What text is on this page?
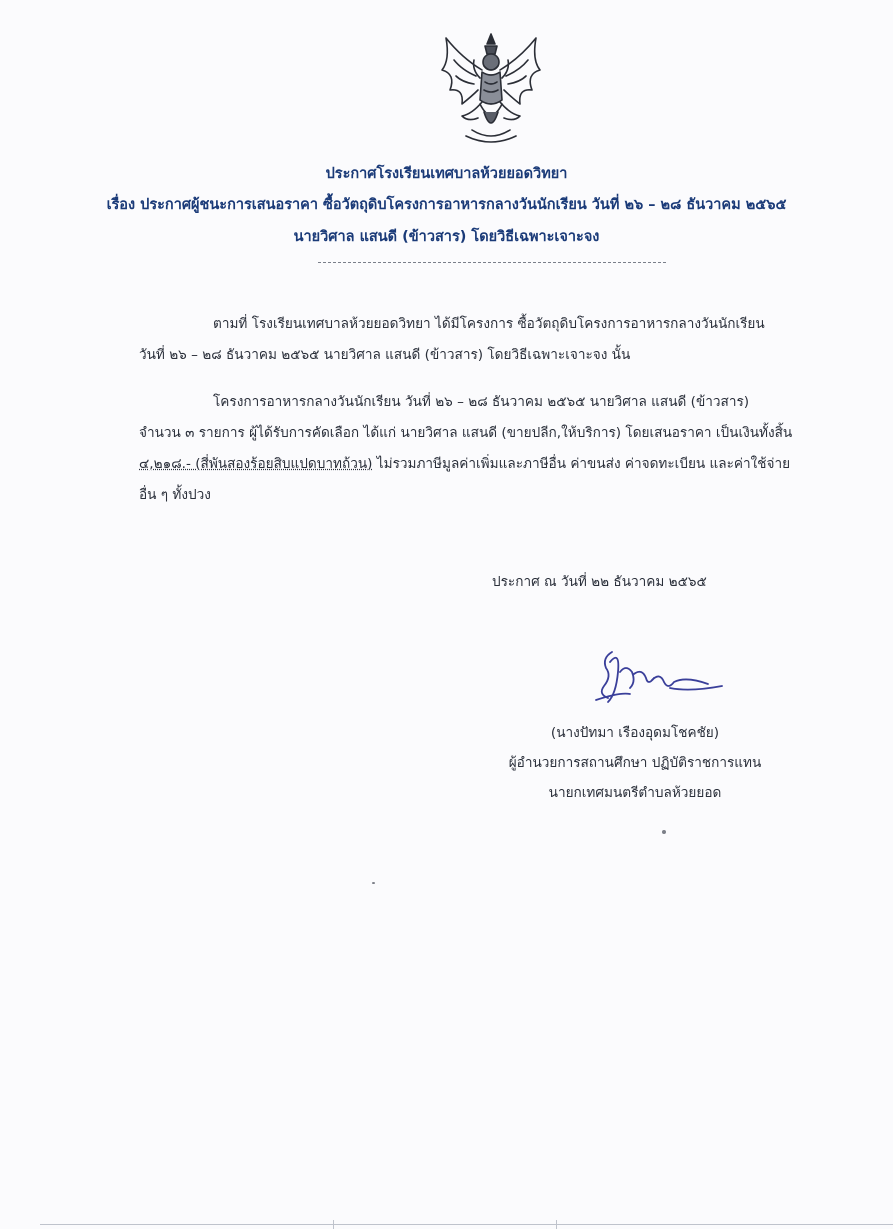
ประกาศโรงเรียนเทศบาลห้วยยอดวิทยา
เรื่อง ประกาศผู้ชนะการเสนอราคา ซื้อวัตถุดิบโครงการอาหารกลางวันนักเรียน วันที่ ๒๖ – ๒๘ ธันวาคม ๒๕๖๕
นายวิศาล แสนดี (ข้าวสาร) โดยวิธีเฉพาะเจาะจง
ตามที่ โรงเรียนเทศบาลห้วยยอดวิทยา ได้มีโครงการ ซื้อวัตถุดิบโครงการอาหารกลางวันนักเรียน
วันที่ ๒๖ – ๒๘ ธันวาคม ๒๕๖๕ นายวิศาล แสนดี (ข้าวสาร) โดยวิธีเฉพาะเจาะจง นั้น
โครงการอาหารกลางวันนักเรียน วันที่ ๒๖ – ๒๘ ธันวาคม ๒๕๖๕ นายวิศาล แสนดี (ข้าวสาร)
จำนวน ๓ รายการ ผู้ได้รับการคัดเลือก ได้แก่ นายวิศาล แสนดี (ขายปลีก,ให้บริการ) โดยเสนอราคา เป็นเงินทั้งสิ้น
๔,๒๑๘.- (สี่พันสองร้อยสิบแปดบาทถ้วน) ไม่รวมภาษีมูลค่าเพิ่มและภาษีอื่น ค่าขนส่ง ค่าจดทะเบียน และค่าใช้จ่าย
อื่น ๆ ทั้งปวง
ประกาศ ณ วันที่ ๒๒ ธันวาคม ๒๕๖๕
(นางปัทมา เรืองอุดมโชคชัย)
ผู้อำนวยการสถานศึกษา ปฏิบัติราชการแทน
นายกเทศมนตรีตำบลห้วยยอด
